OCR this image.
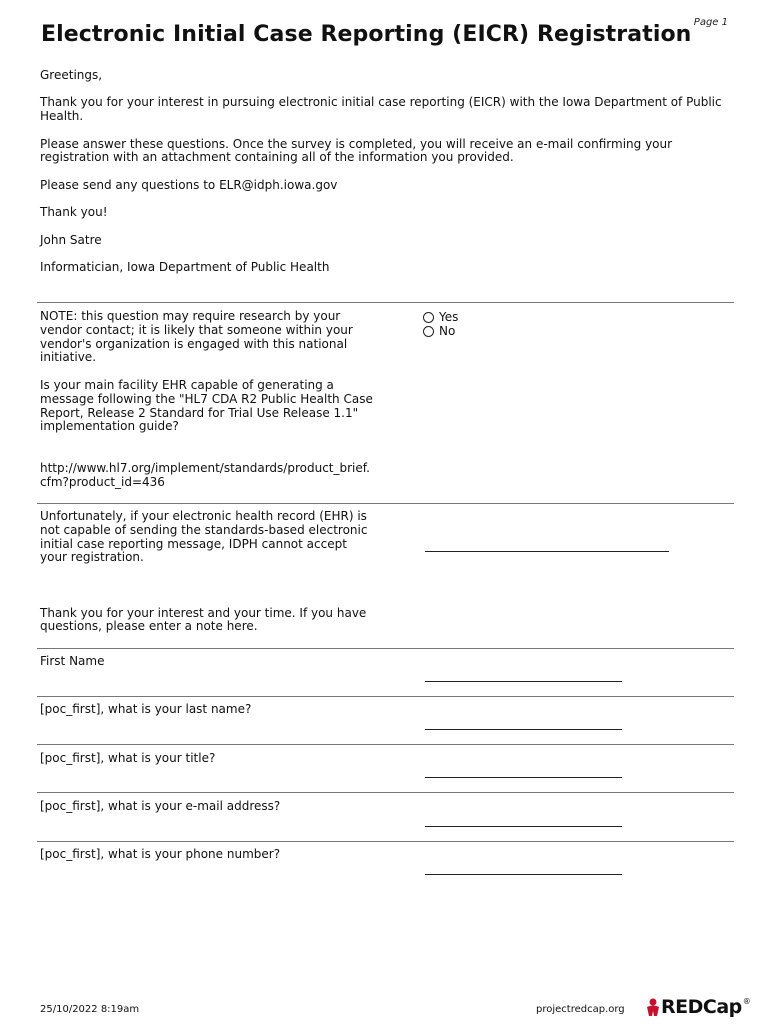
Page 1
Electronic Initial Case Reporting (EICR) Registration

Greetings,

Thank you for your interest in pursuing electronic initial case reporting (EICR) with the Iowa Department of Public Health.

Please answer these questions. Once the survey is completed, you will receive an e-mail confirming your registration with an attachment containing all of the information you provided.

Please send any questions to ELR@idph.iowa.gov

Thank you!

John Satre

Informatician, Iowa Department of Public Health

NOTE: this question may require research by your vendor contact; it is likely that someone within your vendor's organization is engaged with this national initiative.

Is your main facility EHR capable of generating a message following the "HL7 CDA R2 Public Health Case Report, Release 2 Standard for Trial Use Release 1.1" implementation guide?

http://www.hl7.org/implement/standards/product_brief.cfm?product_id=436

Yes
No

Unfortunately, if your electronic health record (EHR) is not capable of sending the standards-based electronic initial case reporting message, IDPH cannot accept your registration.

Thank you for your interest and your time. If you have questions, please enter a note here.

First Name
[poc_first], what is your last name?
[poc_first], what is your title?
[poc_first], what is your e-mail address?
[poc_first], what is your phone number?
25/10/2022 8:19am	projectredcap.org REDCap ®
